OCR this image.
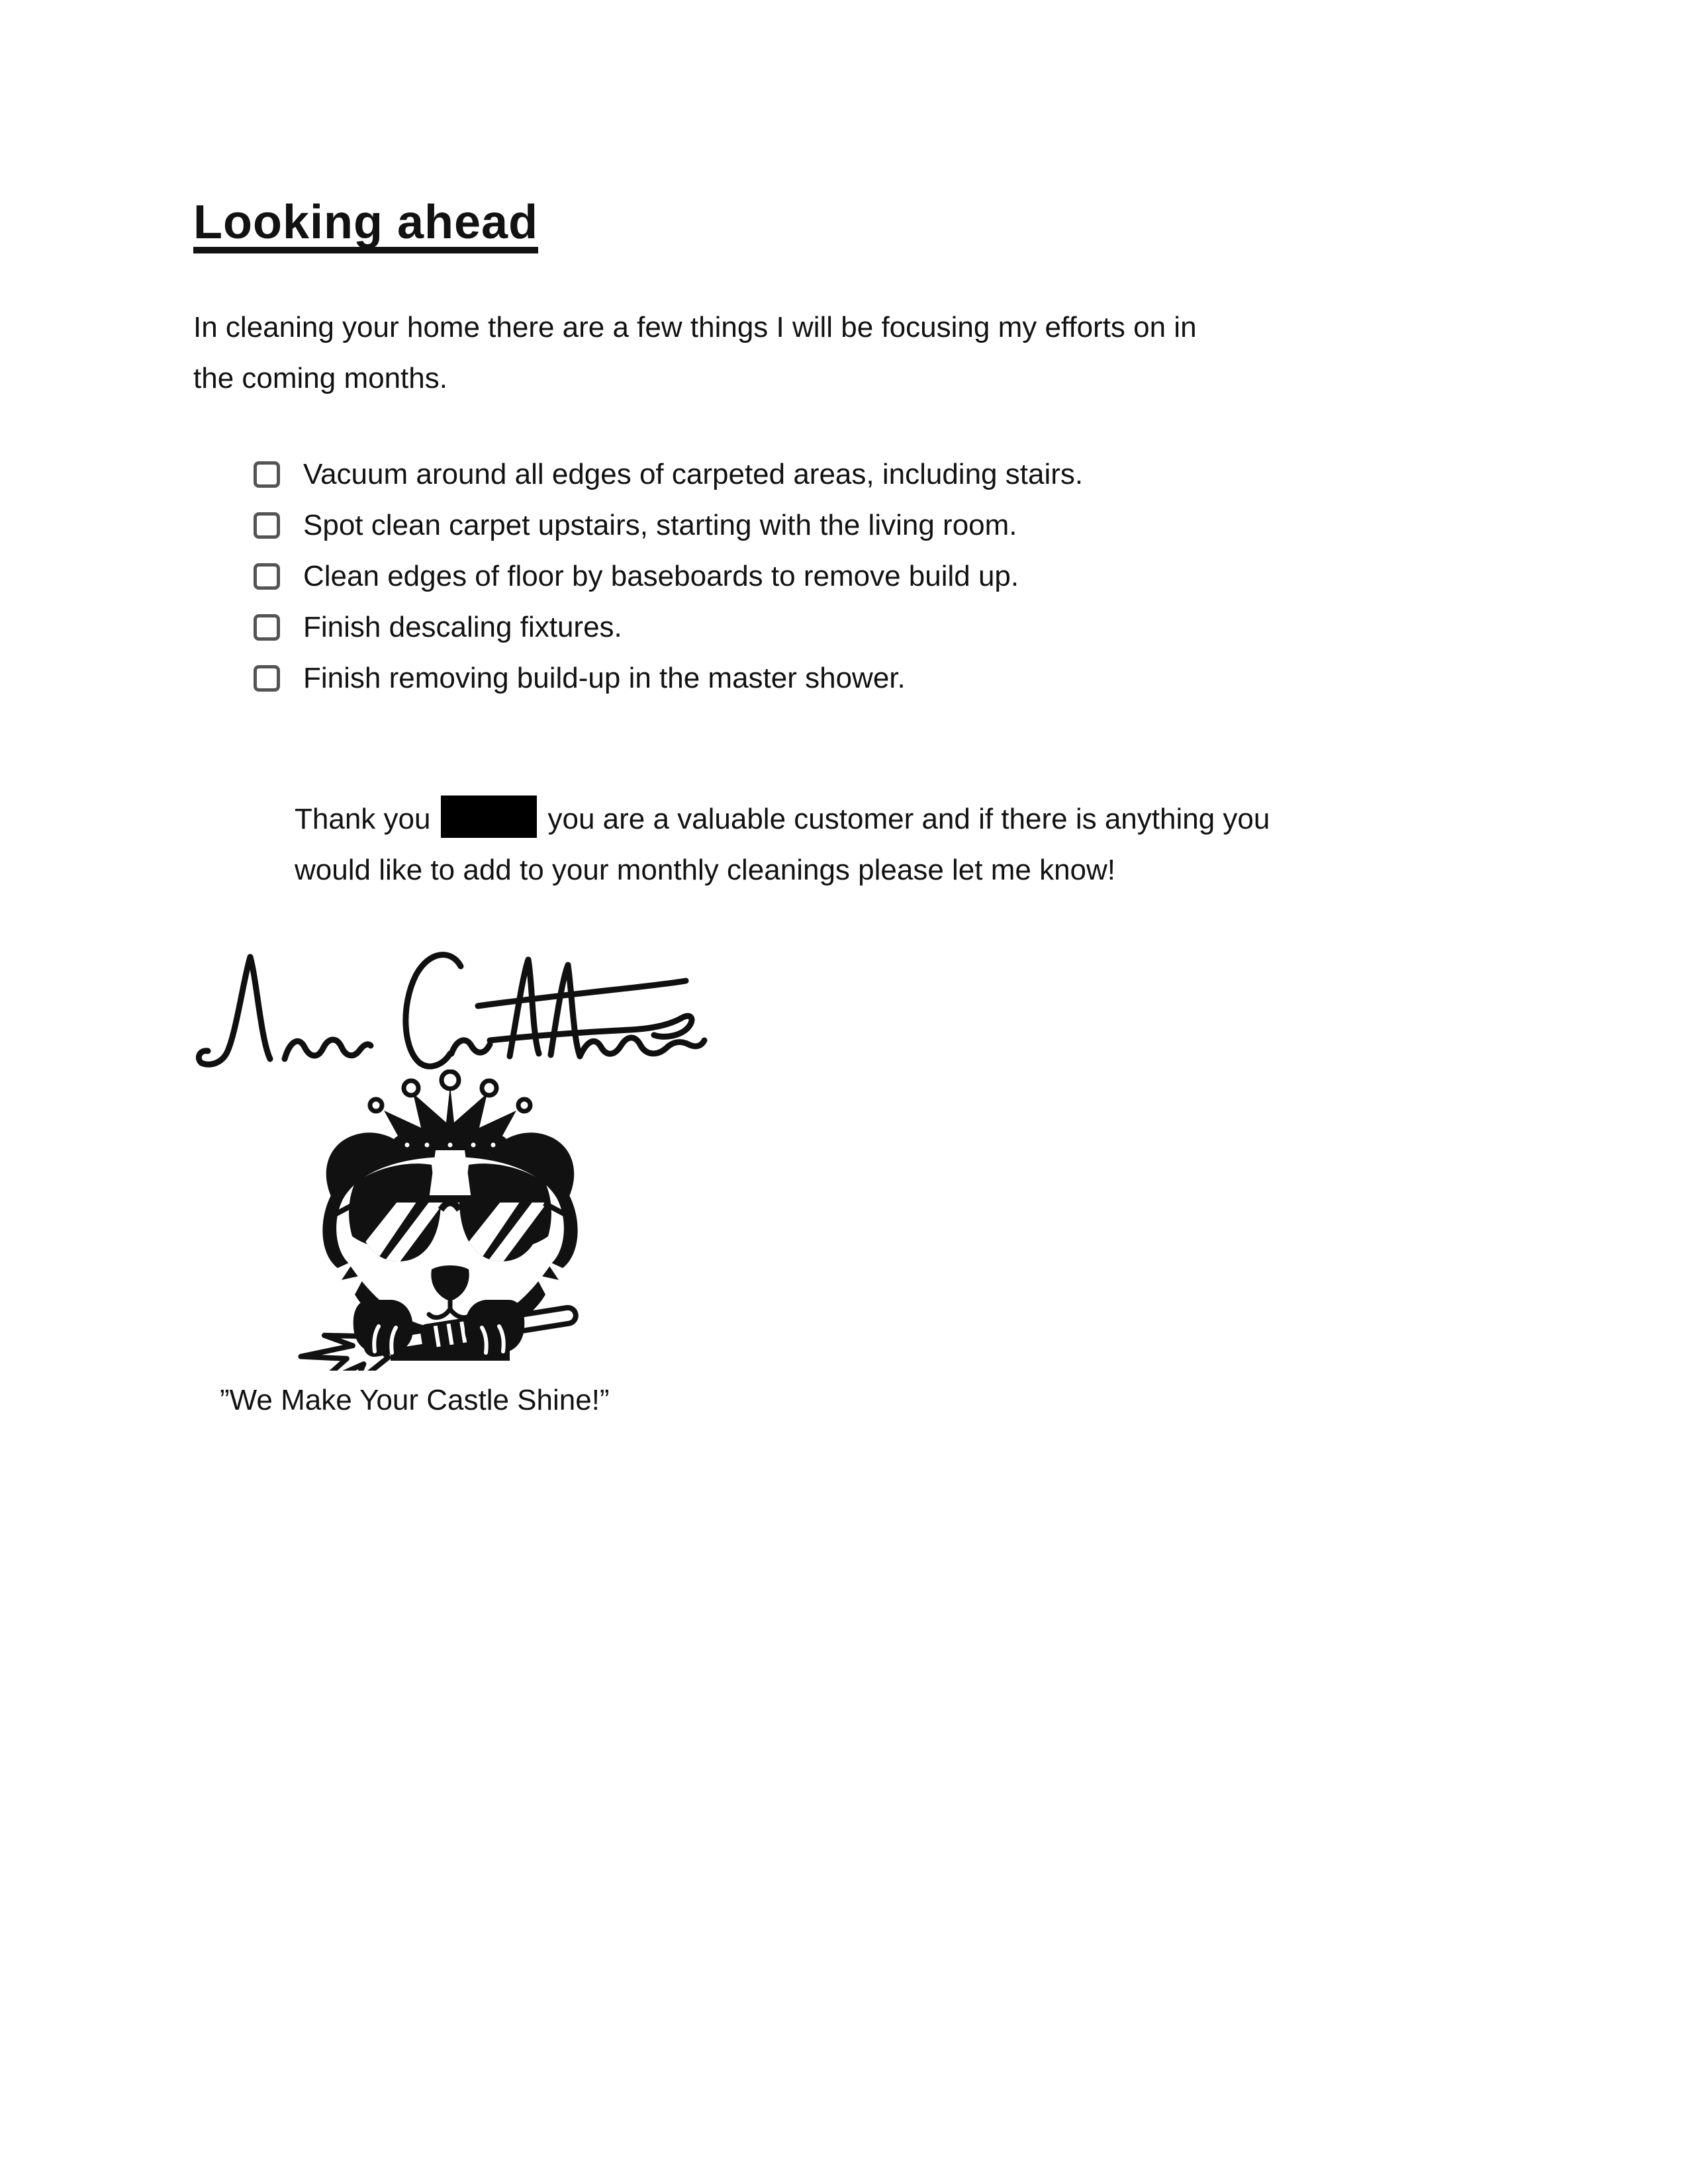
Looking ahead
In cleaning your home there are a few things I will be focusing my efforts on in
the coming months.
Vacuum around all edges of carpeted areas, including stairs.
Spot clean carpet upstairs, starting with the living room.
Clean edges of floor by baseboards to remove build up.
Finish descaling fixtures.
Finish removing build-up in the master shower.
Thank you	you are a valuable customer and if there is anything you
would like to add to your monthly cleanings please let me know!
”We Make Your Castle Shine!”
